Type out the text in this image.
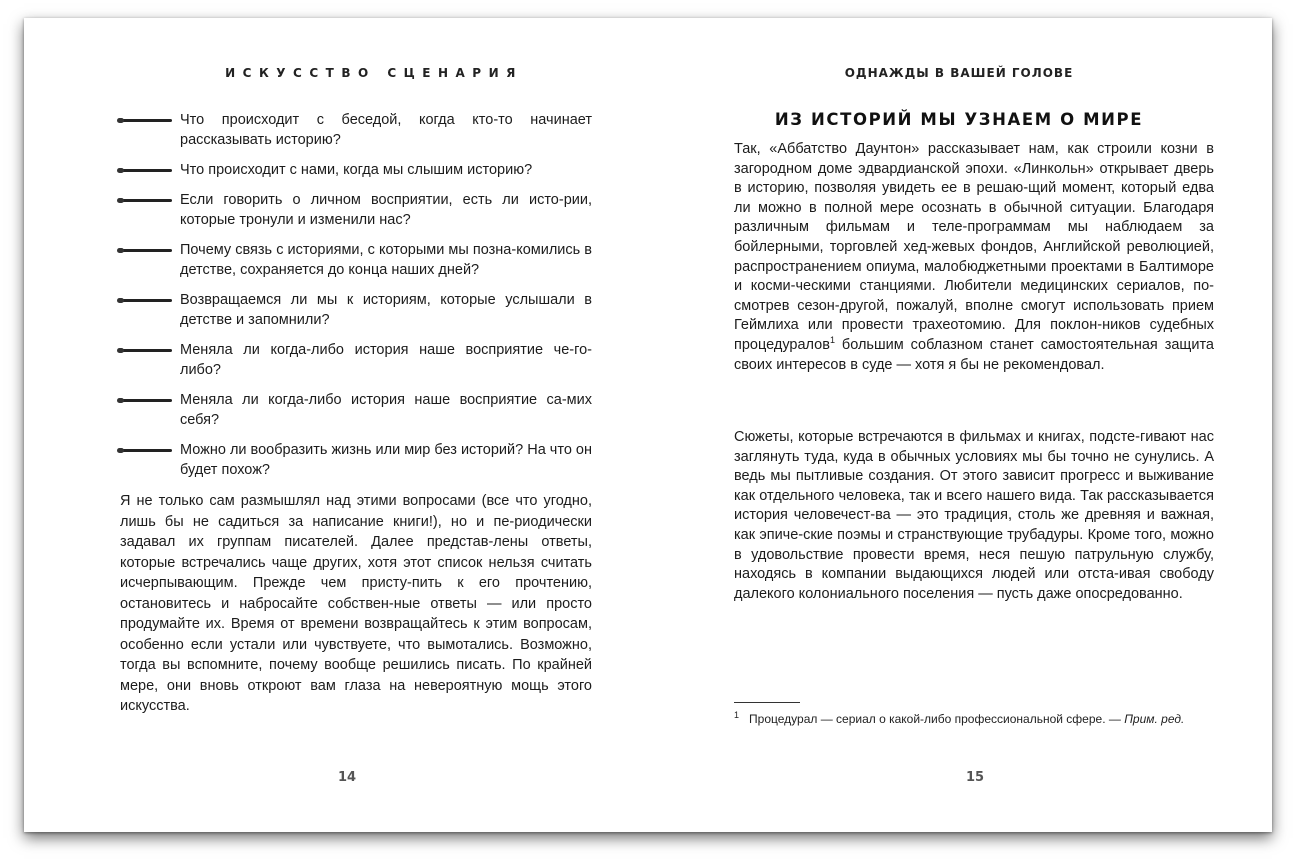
ИСКУССТВО СЦЕНАРИЯ
Что происходит с беседой, когда кто-то начинает рассказывать историю?
Что происходит с нами, когда мы слышим историю?
Если говорить о личном восприятии, есть ли исто-рии, которые тронули и изменили нас?
Почему связь с историями, с которыми мы позна-комились в детстве, сохраняется до конца наших дней?
Возвращаемся ли мы к историям, которые услышали в детстве и запомнили?
Меняла ли когда-либо история наше восприятие че-го-либо?
Меняла ли когда-либо история наше восприятие са-мих себя?
Можно ли вообразить жизнь или мир без историй? На что он будет похож?

Я не только сам размышлял над этими вопросами (все что угодно, лишь бы не садиться за написание книги!), но и пе-риодически задавал их группам писателей. Далее представ-лены ответы, которые встречались чаще других, хотя этот список нельзя считать исчерпывающим. Прежде чем присту-пить к его прочтению, остановитесь и набросайте собствен-ные ответы — или просто продумайте их. Время от времени возвращайтесь к этим вопросам, особенно если устали или чувствуете, что вымотались. Возможно, тогда вы вспомните, почему вообще решились писать. По крайней мере, они вновь откроют вам глаза на невероятную мощь этого искусства.

14
ОДНАЖДЫ В ВАШЕЙ ГОЛОВЕ
ИЗ ИСТОРИЙ МЫ УЗНАЕМ О МИРЕ

Так, «Аббатство Даунтон» рассказывает нам, как строили козни в загородном доме эдвардианской эпохи. «Линкольн» открывает дверь в историю, позволяя увидеть ее в решаю-щий момент, который едва ли можно в полной мере осознать в обычной ситуации. Благодаря различным фильмам и теле-программам мы наблюдаем за бойлерными, торговлей хед-жевых фондов, Английской революцией, распространением опиума, малобюджетными проектами в Балтиморе и косми-ческими станциями. Любители медицинских сериалов, по-смотрев сезон-другой, пожалуй, вполне смогут использовать прием Геймлиха или провести трахеотомию. Для поклон-ников судебных процедуралов$^1$ большим соблазном станет самостоятельная защита своих интересов в суде — хотя я бы не рекомендовал.

Сюжеты, которые встречаются в фильмах и книгах, подсте-гивают нас заглянуть туда, куда в обычных условиях мы бы точно не сунулись. А ведь мы пытливые создания. От этого зависит прогресс и выживание как отдельного человека, так и всего нашего вида. Так рассказывается история человечест-ва — это традиция, столь же древняя и важная, как эпиче-ские поэмы и странствующие трубадуры. Кроме того, можно в удовольствие провести время, неся пешую патрульную службу, находясь в компании выдающихся людей или отста-ивая свободу далекого колониального поселения — пусть даже опосредованно.

$^1$ Процедурал — сериал о какой-либо профессиональной сфере. — Прим. ред.

15
